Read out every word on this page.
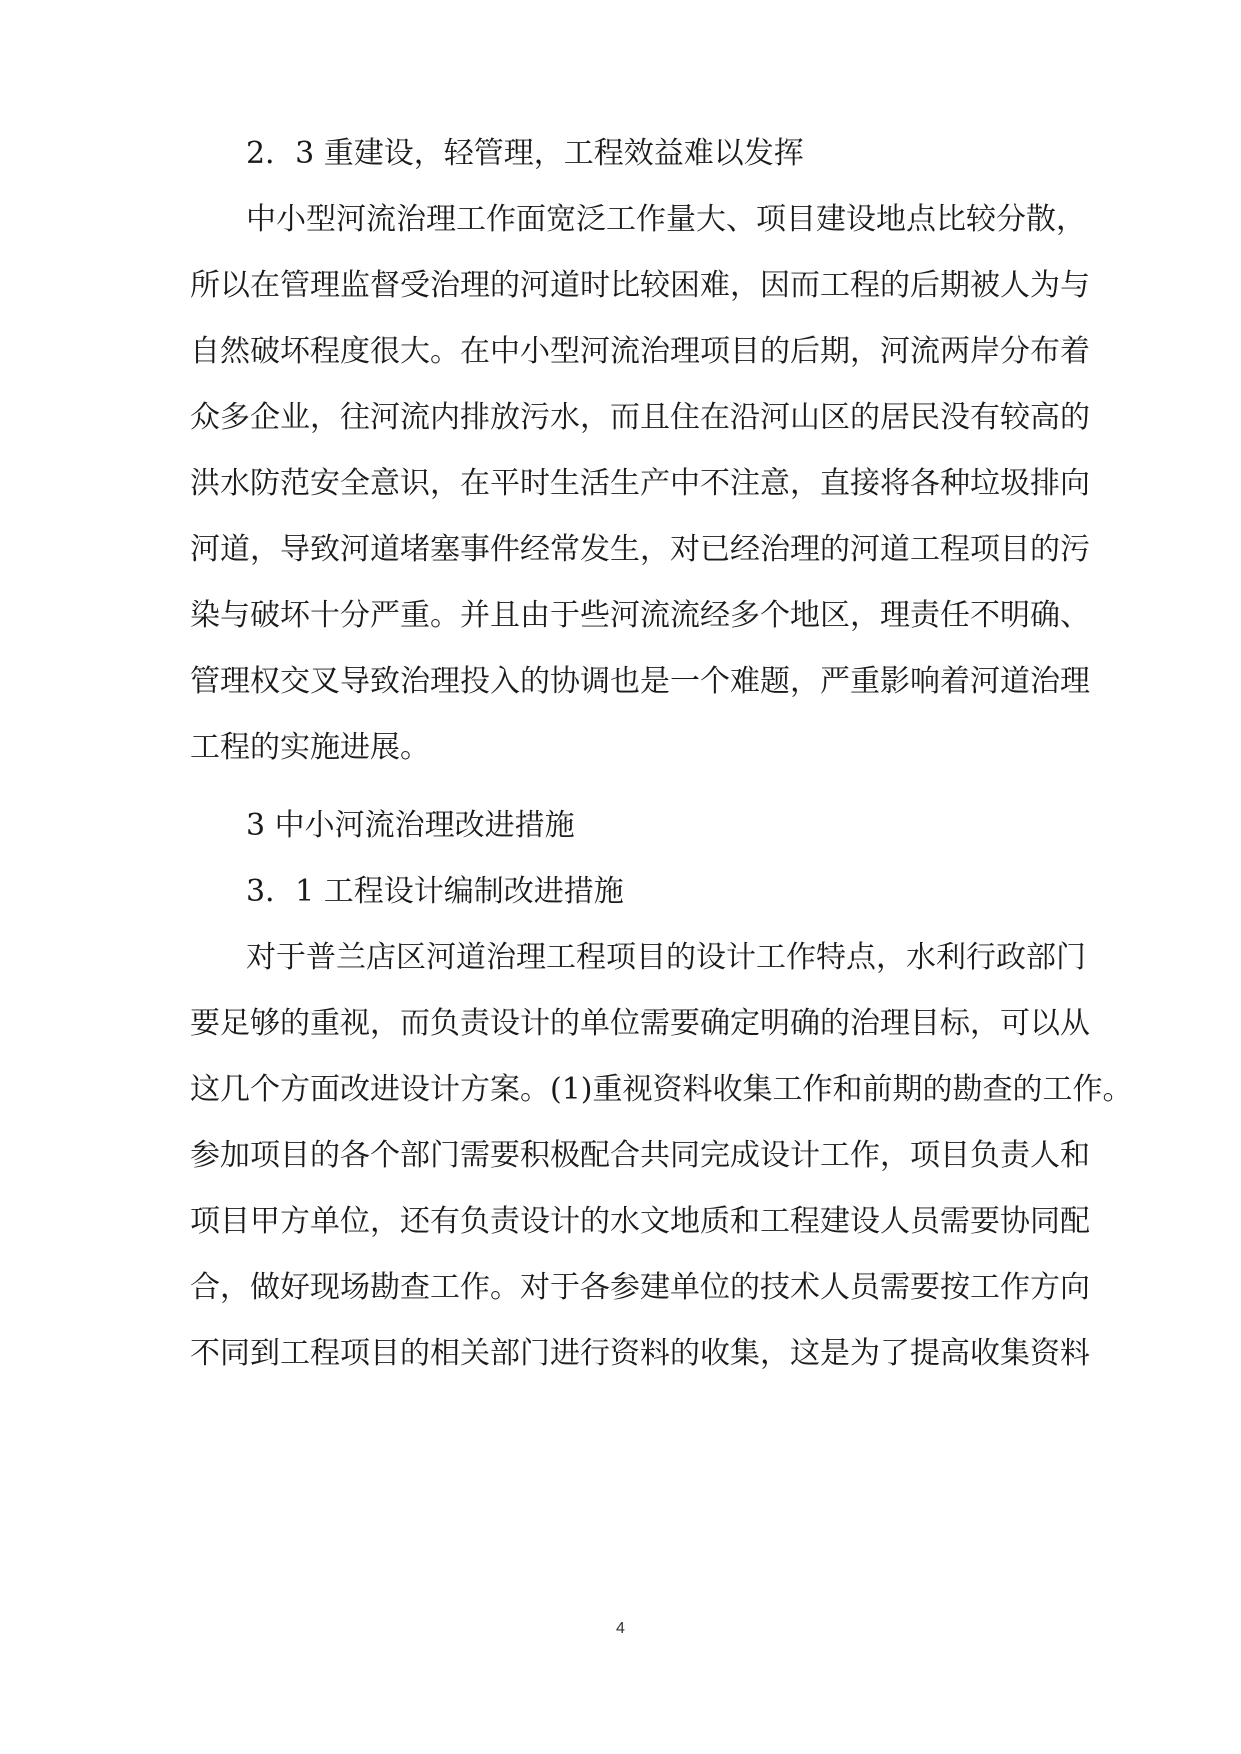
2．3 重建设，轻管理，工程效益难以发挥
中小型河流治理工作面宽泛工作量大、项目建设地点比较分散，
所以在管理监督受治理的河道时比较困难，因而工程的后期被人为与
自然破坏程度很大。在中小型河流治理项目的后期，河流两岸分布着
众多企业，往河流内排放污水，而且住在沿河山区的居民没有较高的
洪水防范安全意识，在平时生活生产中不注意，直接将各种垃圾排向
河道，导致河道堵塞事件经常发生，对已经治理的河道工程项目的污
染与破坏十分严重。并且由于些河流流经多个地区，理责任不明确、
管理权交叉导致治理投入的协调也是一个难题，严重影响着河道治理
工程的实施进展。
3 中小河流治理改进措施
3．1 工程设计编制改进措施
对于普兰店区河道治理工程项目的设计工作特点，水利行政部门
要足够的重视，而负责设计的单位需要确定明确的治理目标，可以从
这几个方面改进设计方案。(1)重视资料收集工作和前期的勘查的工作。
参加项目的各个部门需要积极配合共同完成设计工作，项目负责人和
项目甲方单位，还有负责设计的水文地质和工程建设人员需要协同配
合，做好现场勘查工作。对于各参建单位的技术人员需要按工作方向
不同到工程项目的相关部门进行资料的收集，这是为了提高收集资料
4
